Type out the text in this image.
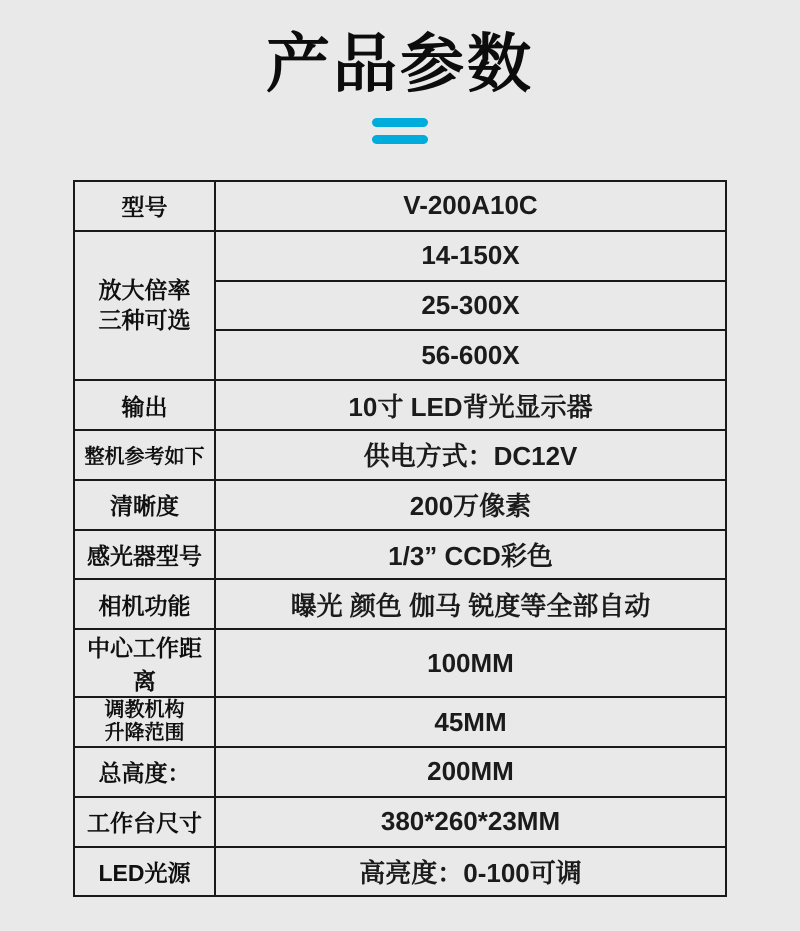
产品参数
型号	V-200A10C

放大倍率
三种可选	14-150X
	25-300X
	56-600X
输出	10寸 LED背光显示器
整机参考如下	供电方式：DC12V
清晰度	200万像素
感光器型号	1/3” CCD彩色
相机功能	曝光 颜色 伽马 锐度等全部自动
中心工作距离	100MM

调教机构
升降范围	45MM
总高度：	200MM
工作台尺寸	380*260*23MM
LED光源	高亮度：0-100可调
